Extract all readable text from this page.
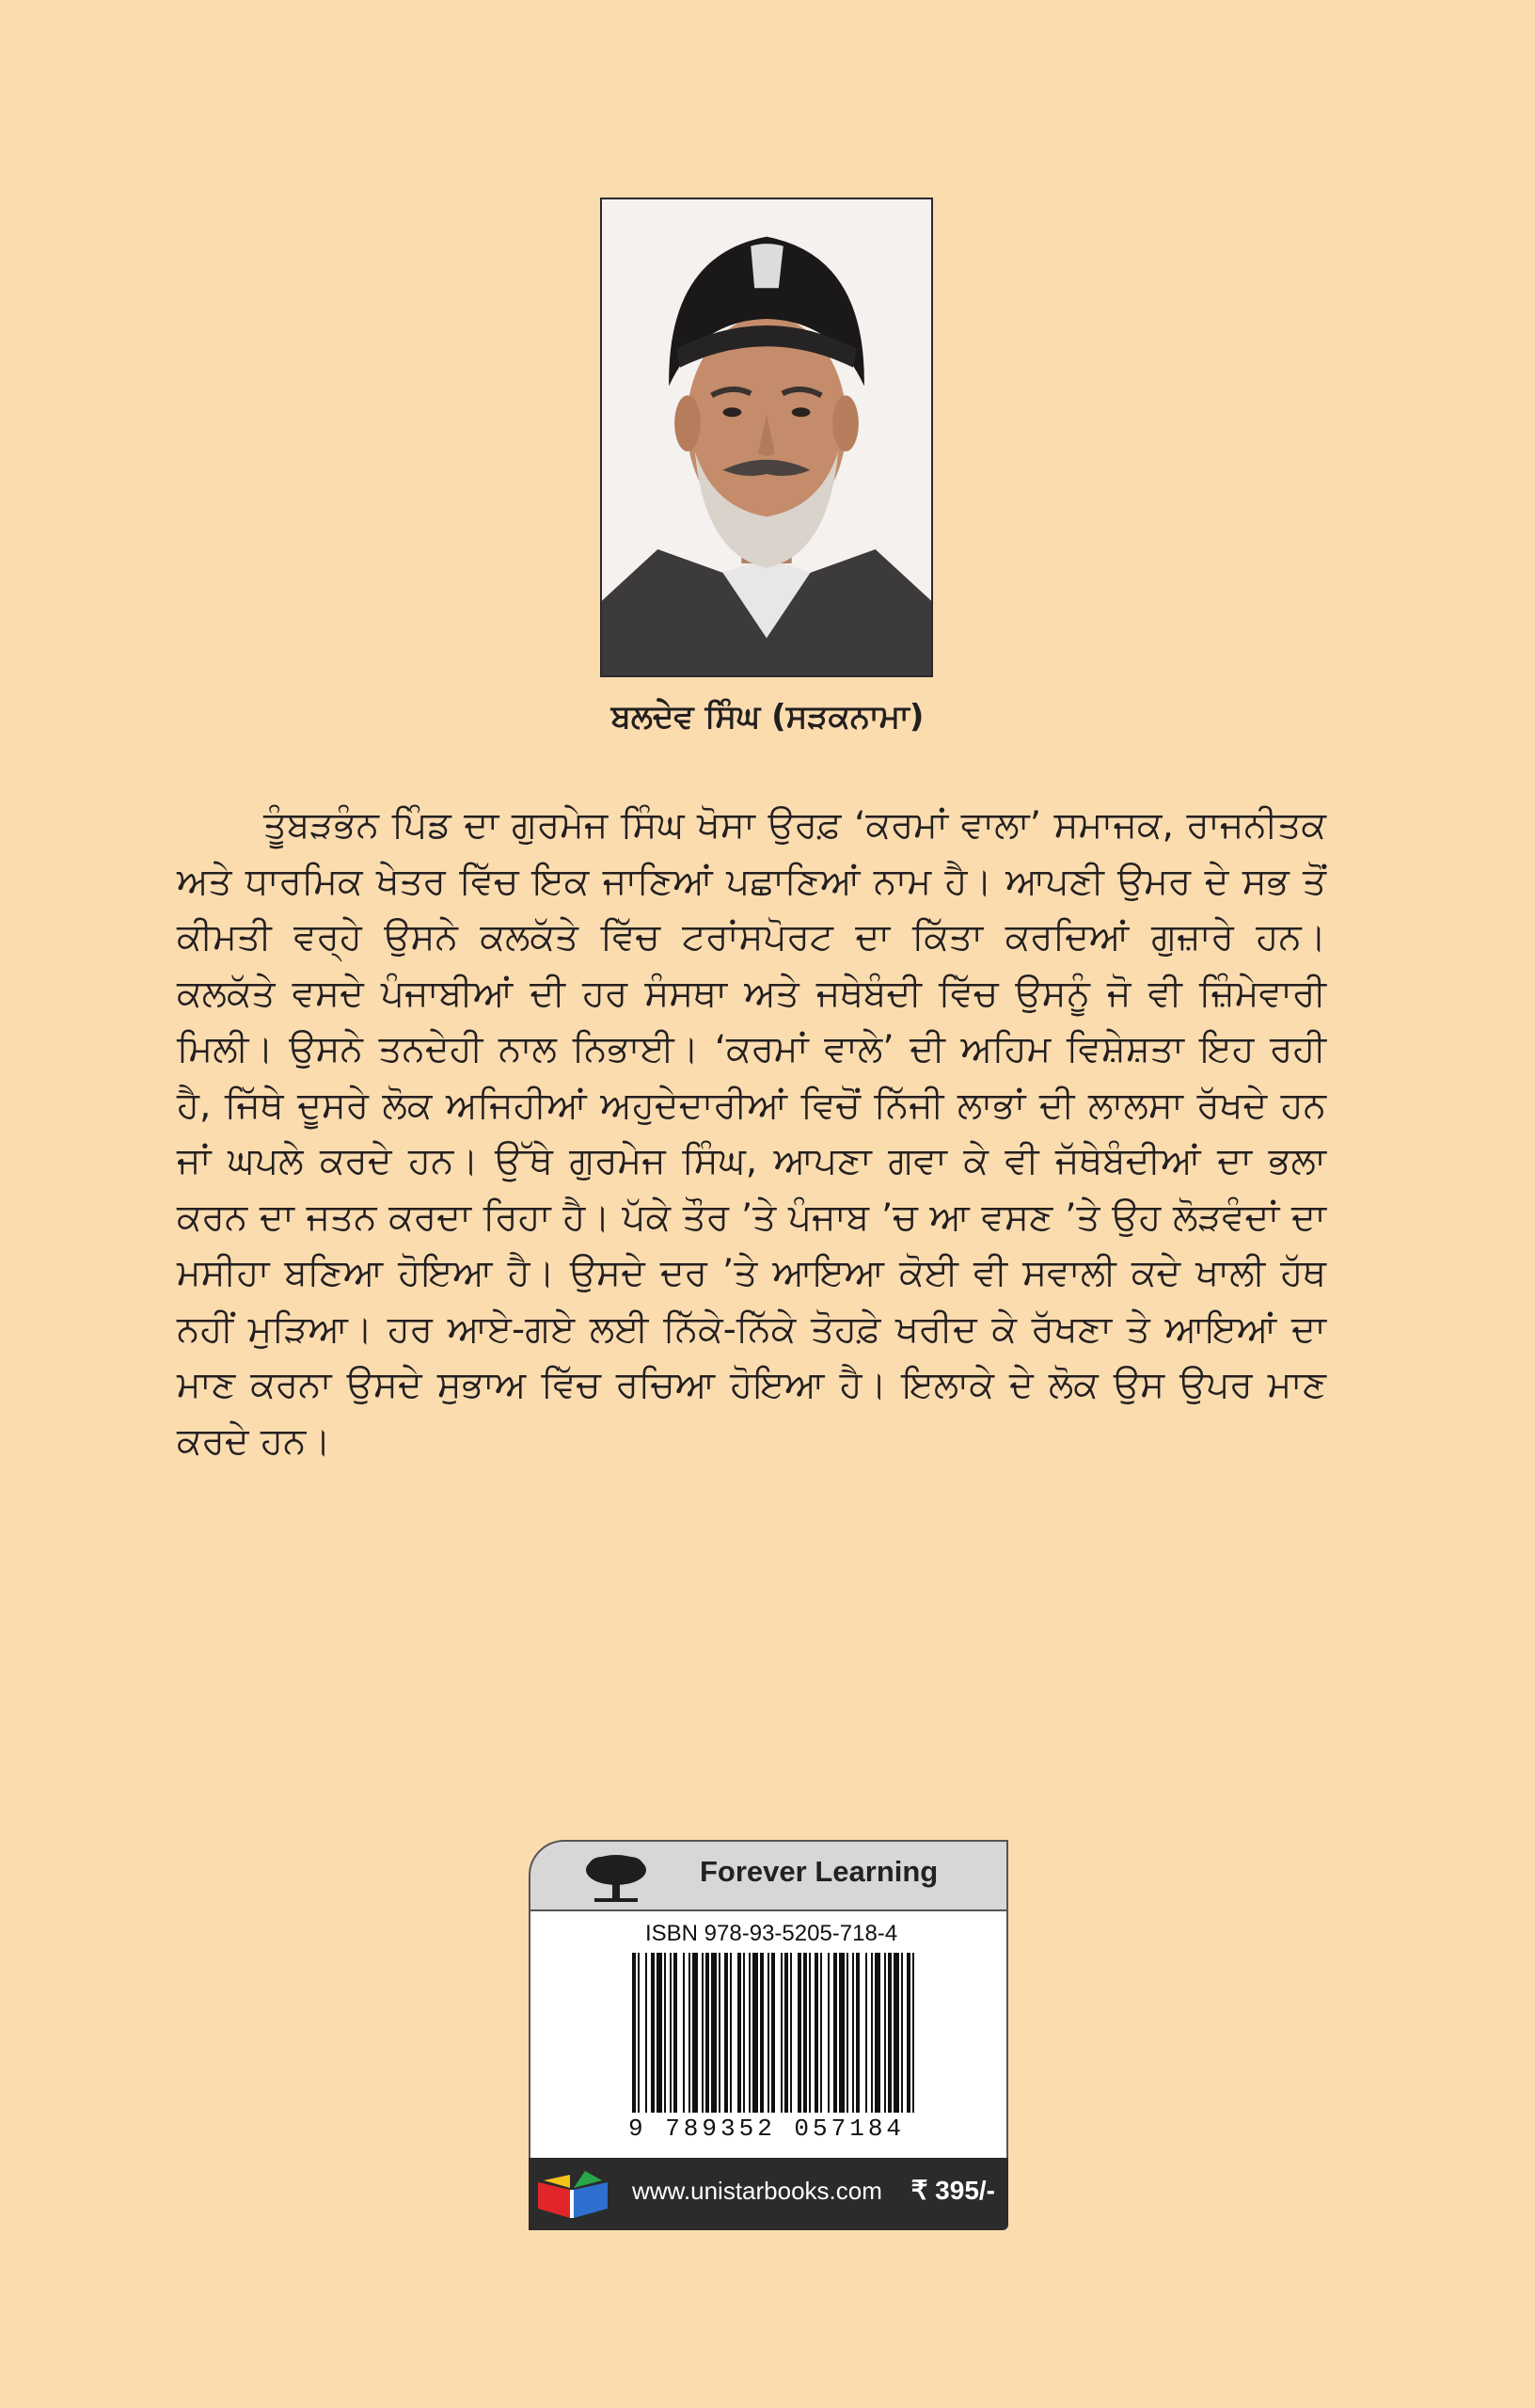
ਬਲਦੇਵ ਸਿੰਘ (ਸੜਕਨਾਮਾ)

ਤੂੰਬੜਭੰਨ ਪਿੰਡ ਦਾ ਗੁਰਮੇਜ ਸਿੰਘ ਖੋਸਾ ਉਰਫ਼ ‘ਕਰਮਾਂ ਵਾਲਾ’ ਸਮਾਜਕ, ਰਾਜਨੀਤਕ ਅਤੇ ਧਾਰਮਿਕ ਖੇਤਰ ਵਿੱਚ ਇਕ ਜਾਣਿਆਂ ਪਛਾਣਿਆਂ ਨਾਮ ਹੈ। ਆਪਣੀ ਉਮਰ ਦੇ ਸਭ ਤੋਂ ਕੀਮਤੀ ਵਰ੍ਹੇ ਉਸਨੇ ਕਲਕੱਤੇ ਵਿੱਚ ਟਰਾਂਸਪੋਰਟ ਦਾ ਕਿੱਤਾ ਕਰਦਿਆਂ ਗੁਜ਼ਾਰੇ ਹਨ। ਕਲਕੱਤੇ ਵਸਦੇ ਪੰਜਾਬੀਆਂ ਦੀ ਹਰ ਸੰਸਥਾ ਅਤੇ ਜਥੇਬੰਦੀ ਵਿੱਚ ਉਸਨੂੰ ਜੋ ਵੀ ਜ਼ਿੰਮੇਵਾਰੀ ਮਿਲੀ। ਉਸਨੇ ਤਨਦੇਹੀ ਨਾਲ ਨਿਭਾਈ। ‘ਕਰਮਾਂ ਵਾਲੇ’ ਦੀ ਅਹਿਮ ਵਿਸ਼ੇਸ਼ਤਾ ਇਹ ਰਹੀ ਹੈ, ਜਿੱਥੇ ਦੂਸਰੇ ਲੋਕ ਅਜਿਹੀਆਂ ਅਹੁਦੇਦਾਰੀਆਂ ਵਿਚੋਂ ਨਿੱਜੀ ਲਾਭਾਂ ਦੀ ਲਾਲਸਾ ਰੱਖਦੇ ਹਨ ਜਾਂ ਘਪਲੇ ਕਰਦੇ ਹਨ। ਉੱਥੇ ਗੁਰਮੇਜ ਸਿੰਘ, ਆਪਣਾ ਗਵਾ ਕੇ ਵੀ ਜੱਥੇਬੰਦੀਆਂ ਦਾ ਭਲਾ ਕਰਨ ਦਾ ਜਤਨ ਕਰਦਾ ਰਿਹਾ ਹੈ। ਪੱਕੇ ਤੌਰ ’ਤੇ ਪੰਜਾਬ ’ਚ ਆ ਵਸਣ ’ਤੇ ਉਹ ਲੋੜਵੰਦਾਂ ਦਾ ਮਸੀਹਾ ਬਣਿਆ ਹੋਇਆ ਹੈ। ਉਸਦੇ ਦਰ ’ਤੇ ਆਇਆ ਕੋਈ ਵੀ ਸਵਾਲੀ ਕਦੇ ਖਾਲੀ ਹੱਥ ਨਹੀਂ ਮੁੜਿਆ। ਹਰ ਆਏ-ਗਏ ਲਈ ਨਿੱਕੇ-ਨਿੱਕੇ ਤੋਹਫ਼ੇ ਖਰੀਦ ਕੇ ਰੱਖਣਾ ਤੇ ਆਇਆਂ ਦਾ ਮਾਣ ਕਰਨਾ ਉਸਦੇ ਸੁਭਾਅ ਵਿੱਚ ਰਚਿਆ ਹੋਇਆ ਹੈ। ਇਲਾਕੇ ਦੇ ਲੋਕ ਉਸ ਉਪਰ ਮਾਣ ਕਰਦੇ ਹਨ।

Forever Learning
ISBN 978-93-5205-718-4
9 789352 057184
www.unistarbooks.com ₹ 395/-
